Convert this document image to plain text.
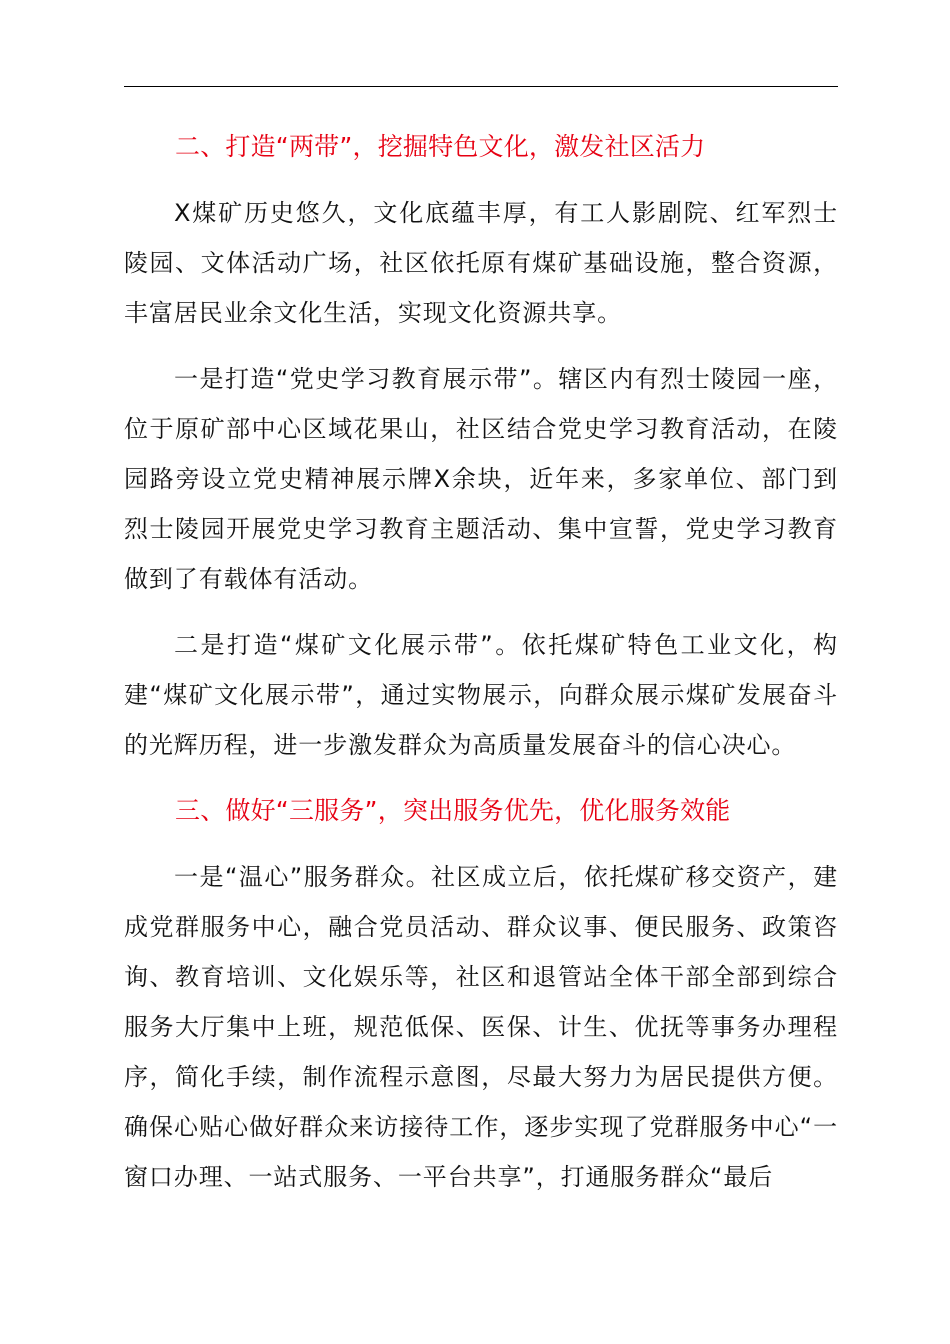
二、打造“两带”，挖掘特色文化，激发社区活力

X煤矿历史悠久，文化底蕴丰厚，有工人影剧院、红军烈士陵园、文体活动广场，社区依托原有煤矿基础设施，整合资源，丰富居民业余文化生活，实现文化资源共享。

一是打造“党史学习教育展示带”。辖区内有烈士陵园一座，位于原矿部中心区域花果山，社区结合党史学习教育活动，在陵园路旁设立党史精神展示牌X余块，近年来，多家单位、部门到烈士陵园开展党史学习教育主题活动、集中宣誓，党史学习教育做到了有载体有活动。

二是打造“煤矿文化展示带”。依托煤矿特色工业文化，构建“煤矿文化展示带”，通过实物展示，向群众展示煤矿发展奋斗的光辉历程，进一步激发群众为高质量发展奋斗的信心决心。

三、做好“三服务”，突出服务优先，优化服务效能

一是“温心”服务群众。社区成立后，依托煤矿移交资产，建成党群服务中心，融合党员活动、群众议事、便民服务、政策咨询、教育培训、文化娱乐等，社区和退管站全体干部全部到综合服务大厅集中上班，规范低保、医保、计生、优抚等事务办理程序，简化手续，制作流程示意图，尽最大努力为居民提供方便。确保心贴心做好群众来访接待工作，逐步实现了党群服务中心“一窗口办理、一站式服务、一平台共享”，打通服务群众“最后
